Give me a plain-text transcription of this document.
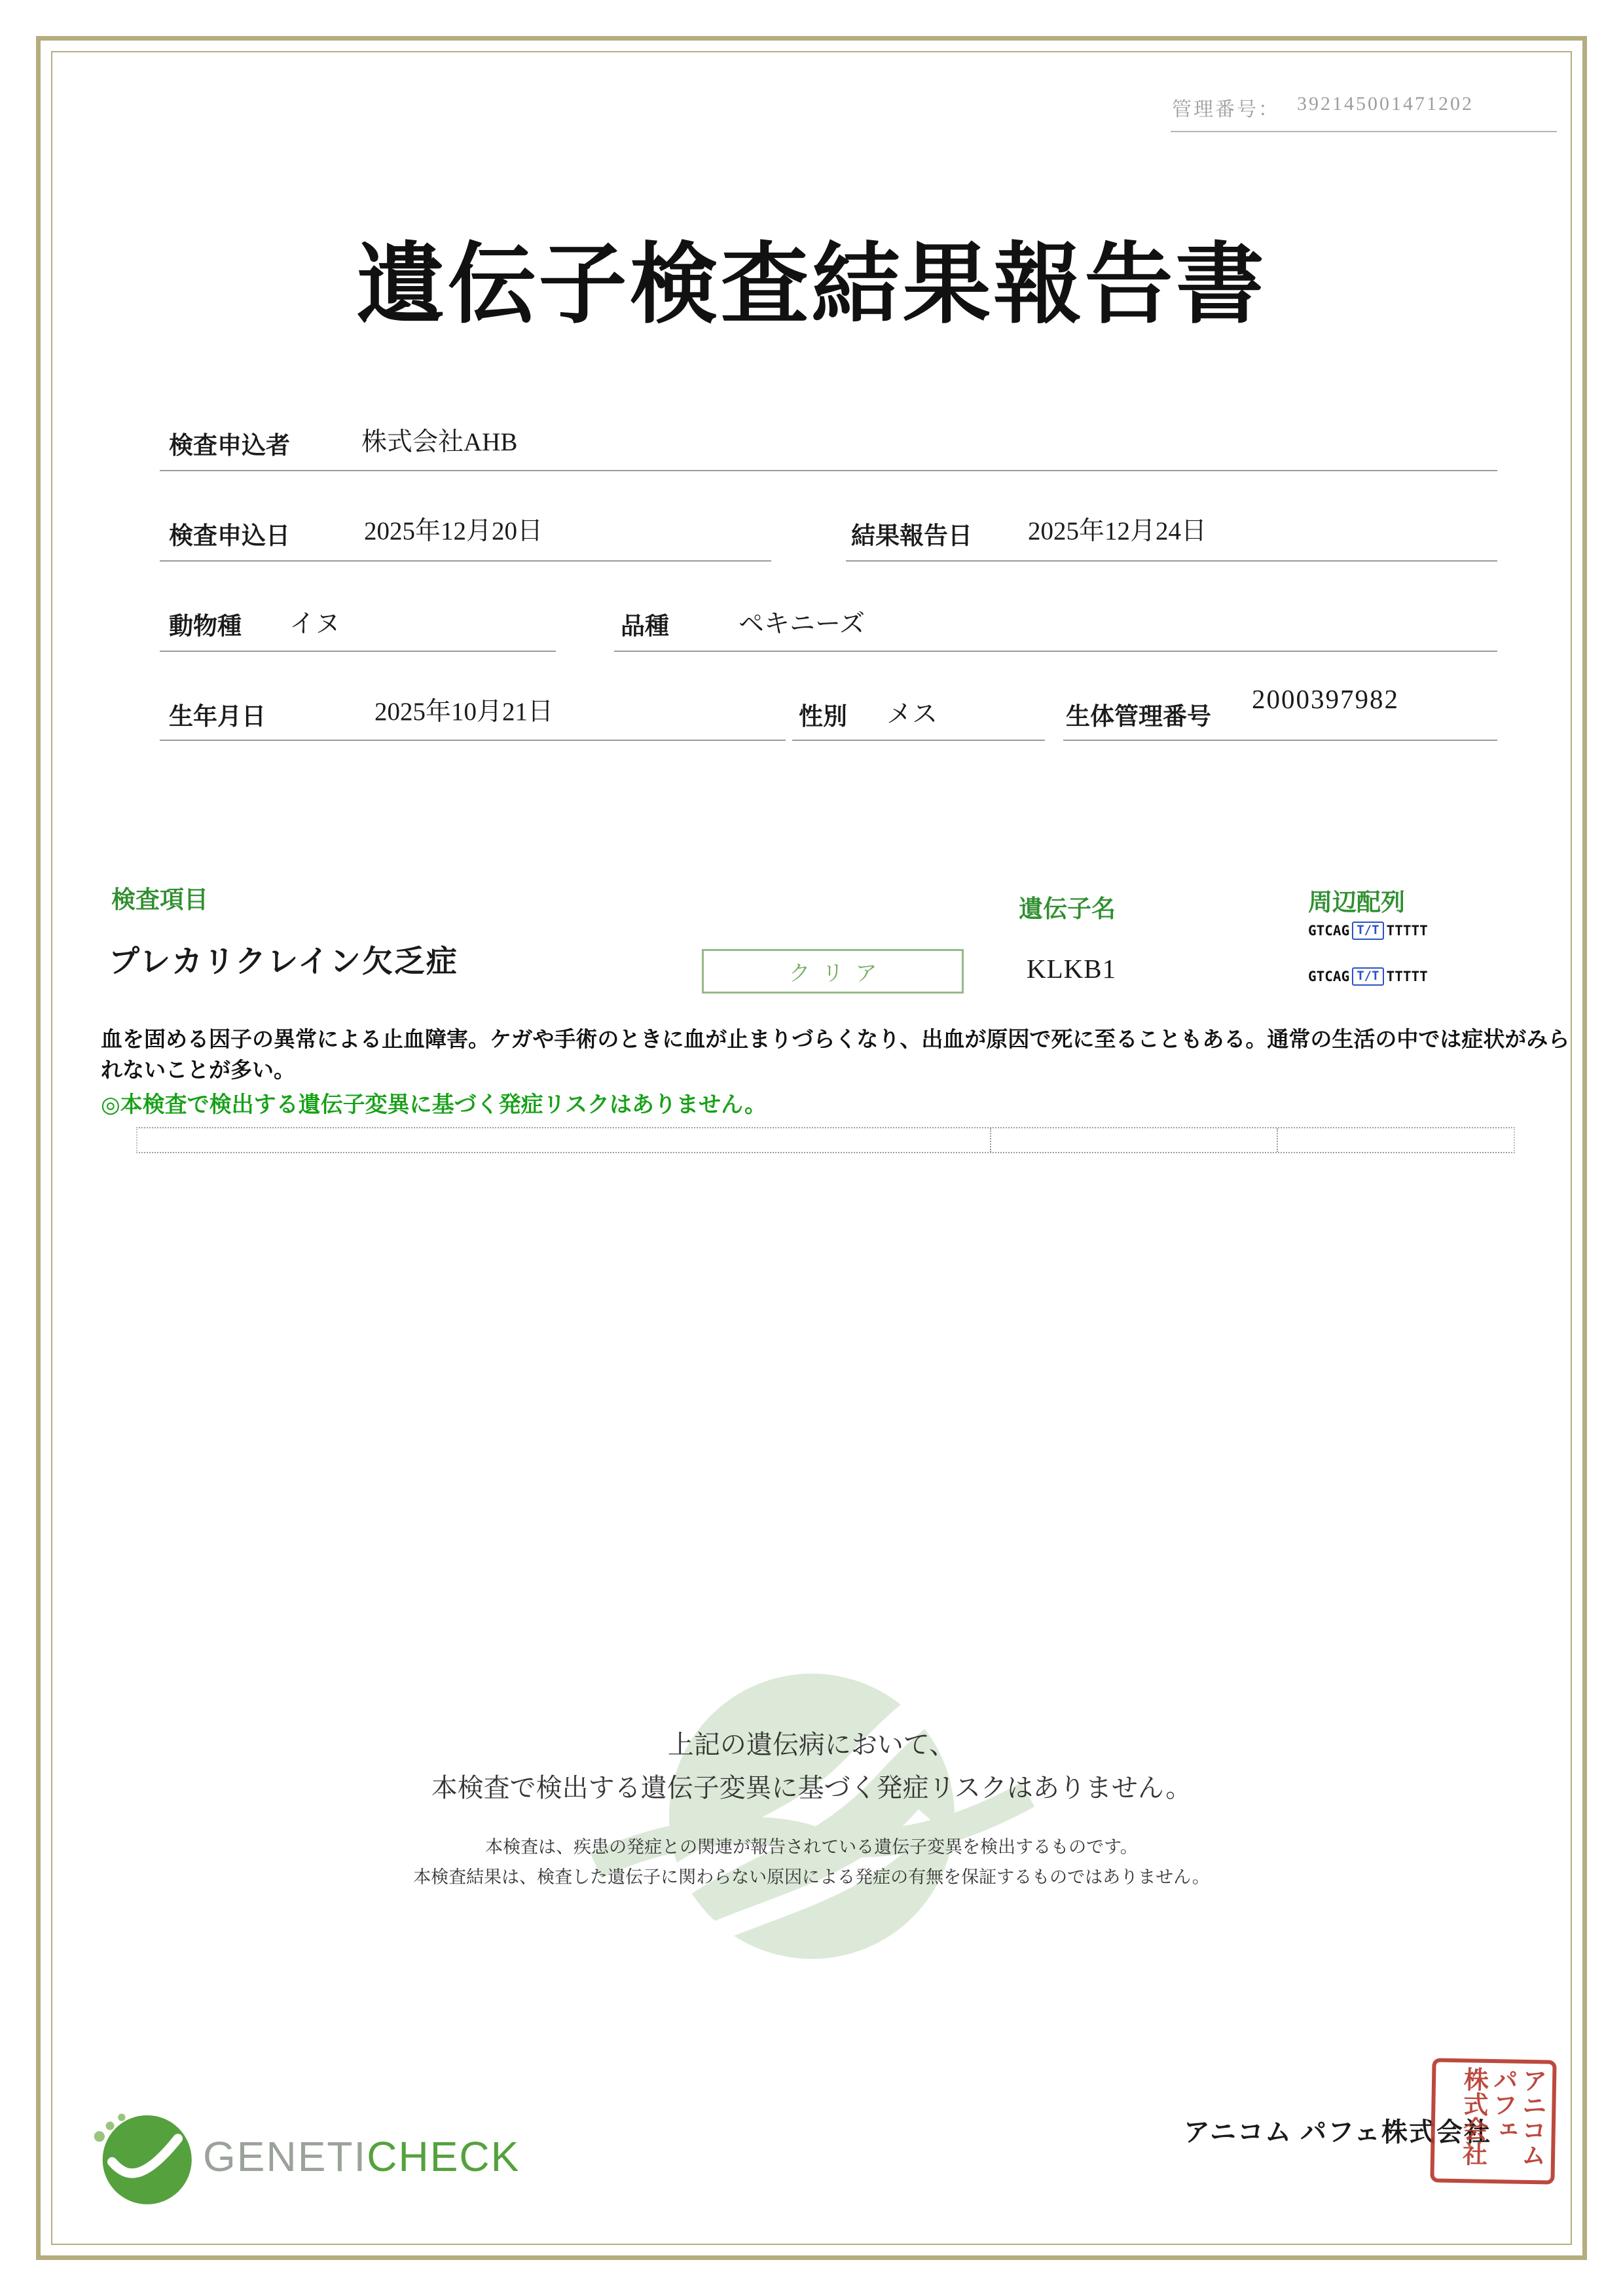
管理番号： 392145001471202
遺伝子検査結果報告書
検査申込者	株式会社AHB
検査申込日	2025年12月20日	結果報告日 2025年12月24日
動物種 イヌ	品種	ペキニーズ
生年月日	2025年10月21日	性別 メス	生体管理番号
2000397982
検査項目	遺伝子名	周辺配列
プレカリクレイン欠乏症	クリア	KLKB1
GTCAG T/T TTTTT
GTCAG T/T TTTTT

血を固める因子の異常による止血障害。ケガや手術のときに血が止まりづらくなり、出血が原因で死に至ることもある。通常の生活の中では症状がみられないことが多い。

◎本検査で検出する遺伝子変異に基づく発症リスクはありません。

上記の遺伝病において、

本検査で検出する遺伝子変異に基づく発症リスクはありません。

本検査は、疾患の発症との関連が報告されている遺伝子変異を検出するものです。

本検査結果は、検査した遺伝子に関わらない原因による発症の有無を保証するものではありません。

GENETICHECK
アニコム パフェ株式会社 アニコム
パフェ
株式会社
